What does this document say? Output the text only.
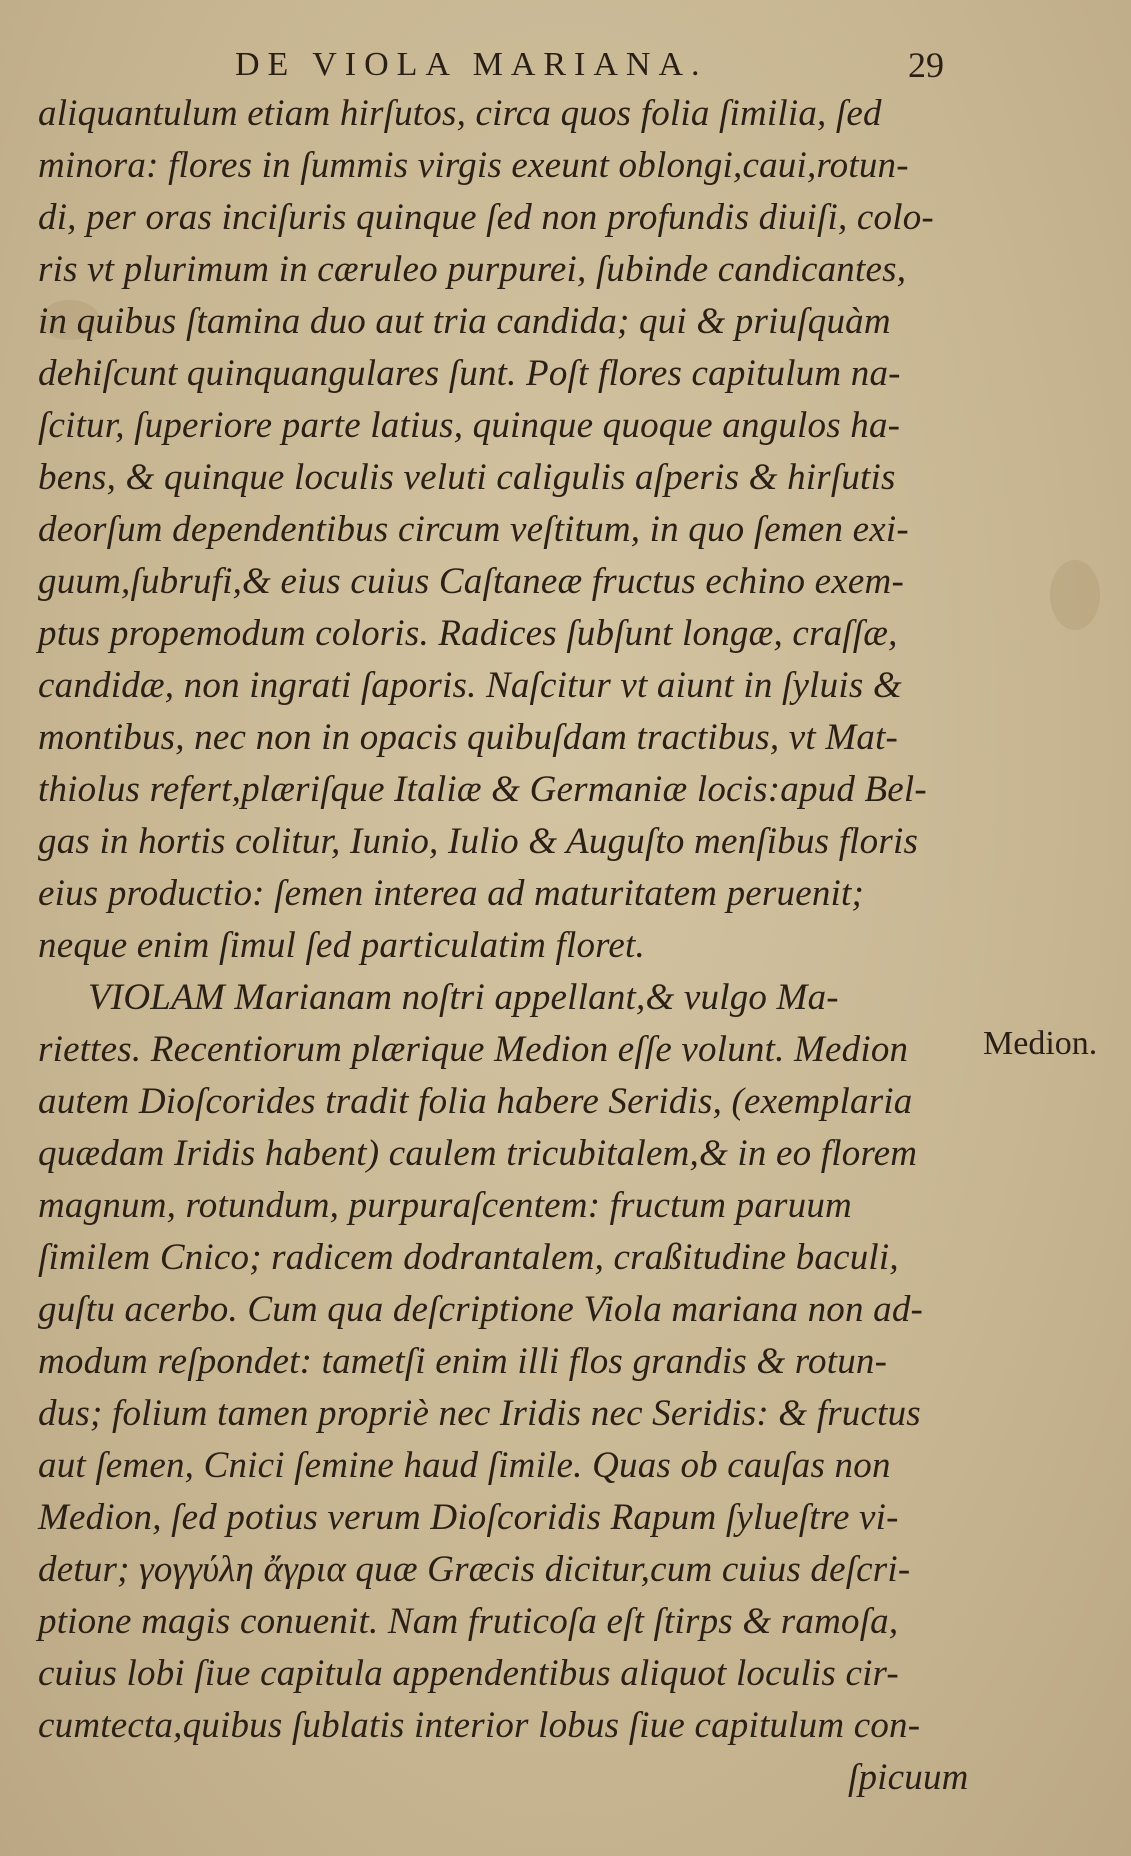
DE VIOLA MARIANA.	29
aliquantulum etiam hirſutos, circa quos folia ſimilia, ſed
minora: flores in ſummis virgis exeunt oblongi,caui,rotun-
di, per oras inciſuris quinque ſed non profundis diuiſi, colo-
ris vt plurimum in cæruleo purpurei, ſubinde candicantes,
in quibus ſtamina duo aut tria candida; qui & priuſquàm
dehiſcunt quinquangulares ſunt. Poſt flores capitulum na-
ſcitur, ſuperiore parte latius, quinque quoque angulos ha-
bens, & quinque loculis veluti caligulis aſperis & hirſutis
deorſum dependentibus circum veſtitum, in quo ſemen exi-
guum,ſubrufi,& eius cuius Caſtaneæ fructus echino exem-
ptus propemodum coloris. Radices ſubſunt longæ, craſſæ,
candidæ, non ingrati ſaporis. Naſcitur vt aiunt in ſyluis &
montibus, nec non in opacis quibuſdam tractibus, vt Mat-
thiolus refert,plæriſque Italiæ & Germaniæ locis:apud Bel-
gas in hortis colitur, Iunio, Iulio & Auguſto menſibus floris
eius productio: ſemen interea ad maturitatem peruenit;
neque enim ſimul ſed particulatim floret.
VIOLAM Marianam noſtri appellant,& vulgo Ma-
riettes. Recentiorum plærique Medion eſſe volunt. Medion
autem Dioſcorides tradit folia habere Seridis, (exemplaria
quædam Iridis habent) caulem tricubitalem,& in eo florem
magnum, rotundum, purpuraſcentem: fructum paruum
ſimilem Cnico; radicem dodrantalem, craßitudine baculi,
guſtu acerbo. Cum qua deſcriptione Viola mariana non ad-
modum reſpondet: tametſi enim illi flos grandis & rotun-
dus; folium tamen propriè nec Iridis nec Seridis: & fructus
aut ſemen, Cnici ſemine haud ſimile. Quas ob cauſas non
Medion, ſed potius verum Dioſcoridis Rapum ſylueſtre vi-
detur; γογγύλη ἄγρια quæ Græcis dicitur,cum cuius deſcri-
ptione magis conuenit. Nam fruticoſa eſt ſtirps & ramoſa,
cuius lobi ſiue capitula appendentibus aliquot loculis cir-
cumtecta,quibus ſublatis interior lobus ſiue capitulum con-
ſpicuum
Medion.
